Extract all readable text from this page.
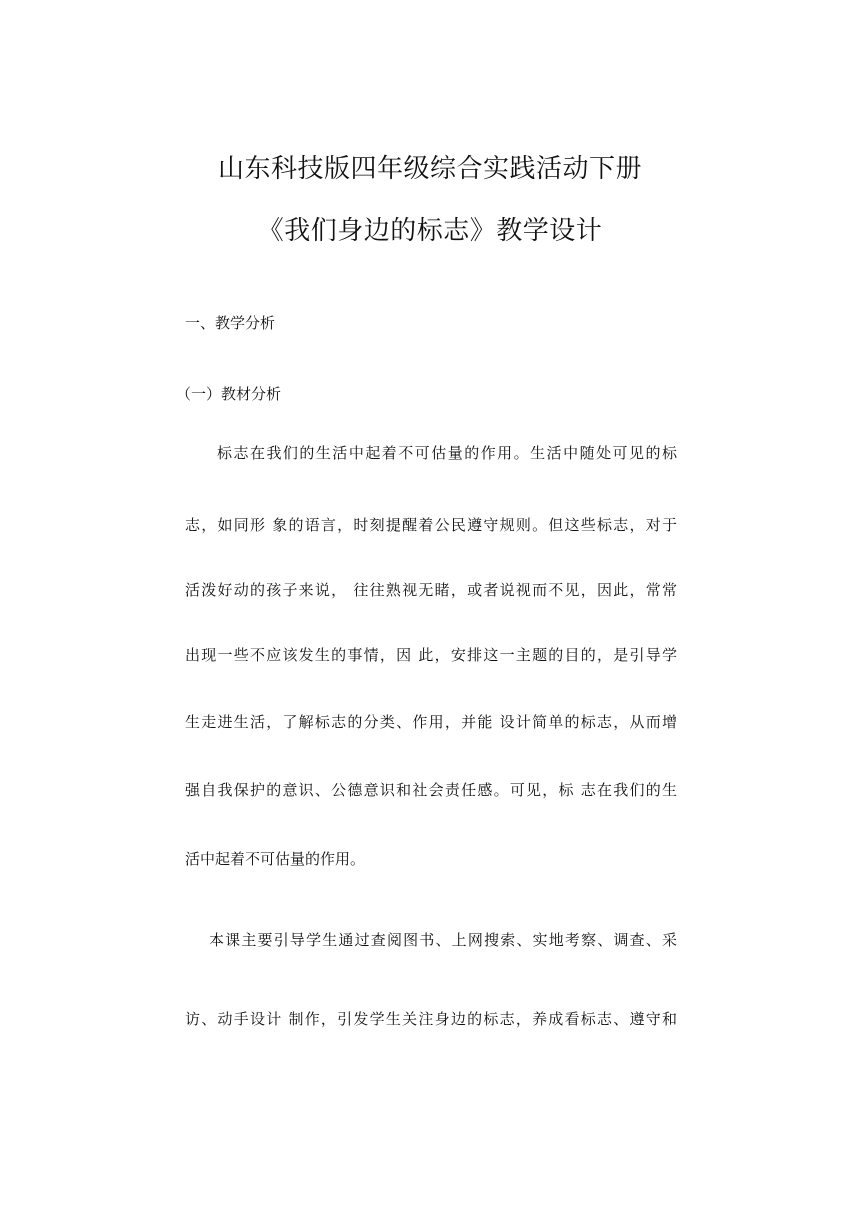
山东科技版四年级综合实践活动下册
《我们身边的标志》教学设计
一、教学分析
（一）教材分析
标志在我们的生活中起着不可估量的作用。生活中随处可见的标
志，如同形 象的语言，时刻提醒着公民遵守规则。但这些标志，对于
活泼好动的孩子来说， 往往熟视无睹，或者说视而不见，因此，常常
出现一些不应该发生的事情，因 此，安排这一主题的目的，是引导学
生走进生活，了解标志的分类、作用，并能 设计简单的标志，从而增
强自我保护的意识、公德意识和社会责任感。可见，标 志在我们的生
活中起着不可估量的作用。
本课主要引导学生通过查阅图书、上网搜索、实地考察、调查、采
访、动手设计 制作，引发学生关注身边的标志，养成看标志、遵守和
